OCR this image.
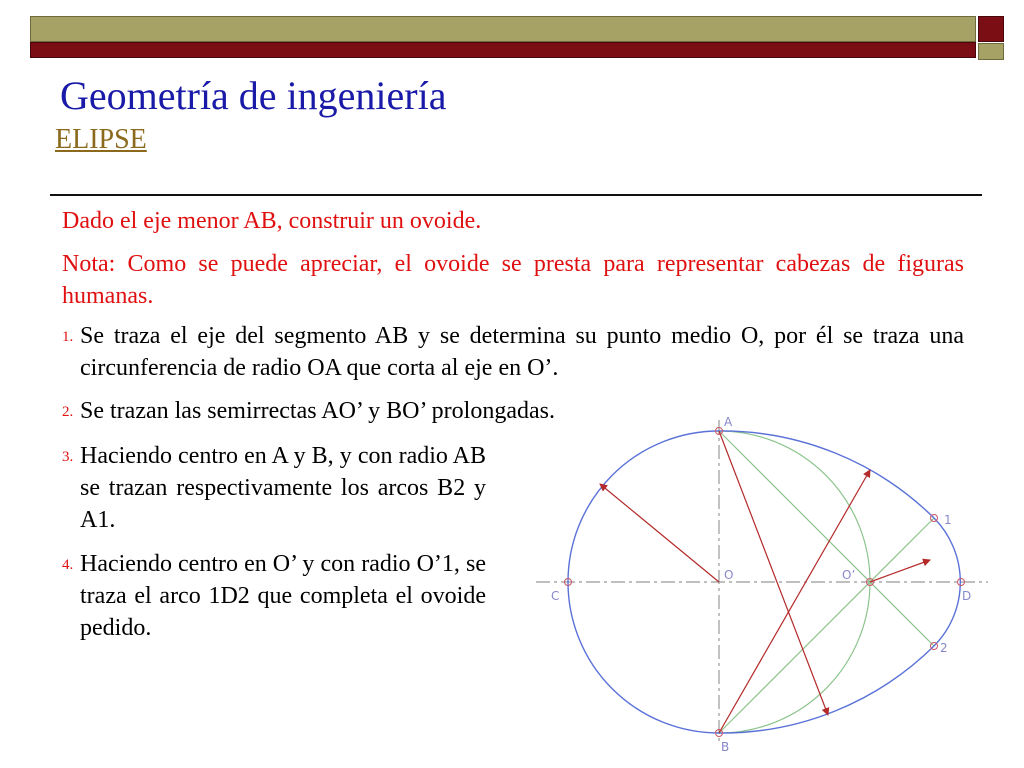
Geometría de ingeniería
ELIPSE
Dado el eje menor AB, construir un ovoide.
Nota: Como se puede apreciar, el ovoide se presta para representar cabezas de figuras humanas.
1. Se traza el eje del segmento AB y se determina su punto medio O, por él se traza una circunferencia de radio OA que corta al eje en O’.
2. Se trazan las semirrectas AO’ y BO’ prolongadas.
3. Haciendo centro en A y B, y con radio AB se trazan respectivamente los arcos B2 y A1.
4. Haciendo centro en O’ y con radio O’1, se traza el arco 1D2 que completa el ovoide pedido.
A
B
C	D
O	O’
1
2
